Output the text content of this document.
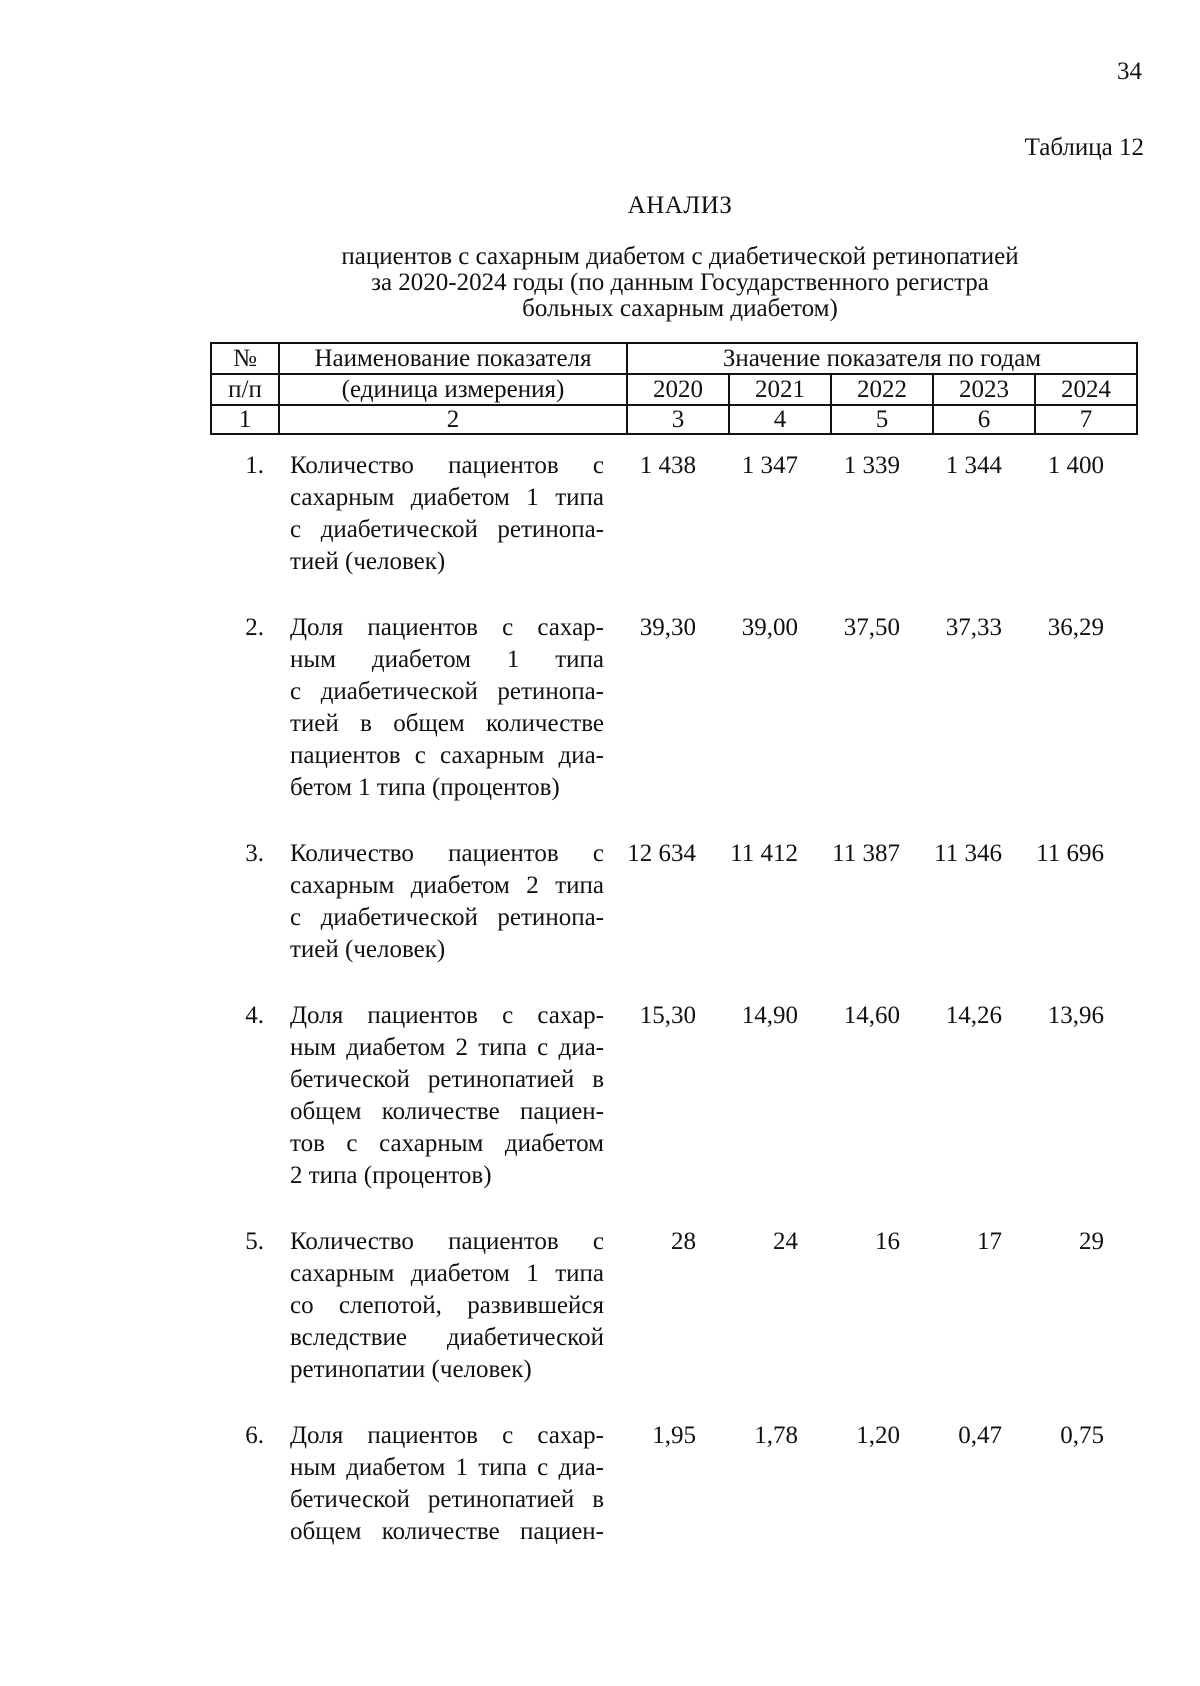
34
Таблица 12
АНАЛИЗ
пациентов с сахарным диабетом с диабетической ретинопатией
за 2020-2024 годы (по данным Государственного регистра
больных сахарным диабетом)
№	Наименование показателя	Значение показателя по годам				
п/п	(единица измерения)	2020	2021	2022	2023	2024
1	2	3	4	5	6	7
1.	Количество пациентов с
сахарным диабетом 1 типа
с диабетической ретинопа-
тией (человек)
1 438	1 347	1 339	1 344	1 400
2.	Доля пациентов с сахар-
ным диабетом 1 типа
с диабетической ретинопа-
тией в общем количестве
пациентов с сахарным диа-
бетом 1 типа (процентов)
39,30	39,00	37,50	37,33	36,29
3.	Количество пациентов с
сахарным диабетом 2 типа
с диабетической ретинопа-
тией (человек)
12 634	11 412	11 387	11 346	11 696
4.	Доля пациентов с сахар-
ным диабетом 2 типа с диа-
бетической ретинопатией в
общем количестве пациен-
тов с сахарным диабетом
2 типа (процентов)
15,30	14,90	14,60	14,26	13,96
5.	Количество пациентов с
сахарным диабетом 1 типа
со слепотой, развившейся
вследствие диабетической
ретинопатии (человек)
28	24	16	17	29
6.	Доля пациентов с сахар-
ным диабетом 1 типа с диа-
бетической ретинопатией в
общем количестве пациен-
1,95	1,78	1,20	0,47	0,75
